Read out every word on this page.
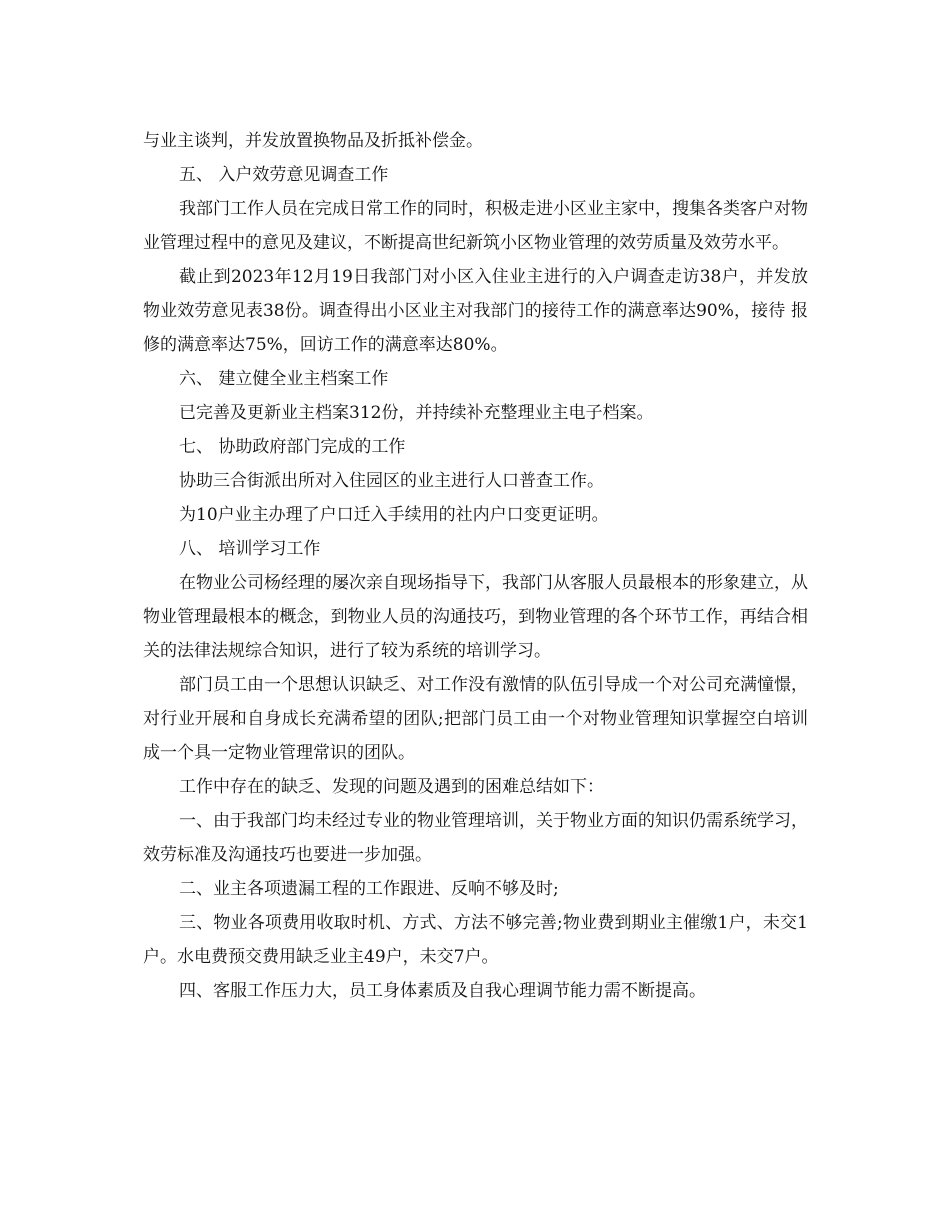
与业主谈判，并发放置换物品及折抵补偿金。

五、 入户效劳意见调查工作

我部门工作人员在完成日常工作的同时，积极走进小区业主家中，搜集各类客户对物业管理过程中的意见及建议，不断提高世纪新筑小区物业管理的效劳质量及效劳水平。

截止到2023年12月19日我部门对小区入住业主进行的入户调查走访38户，并发放物业效劳意见表38份。调查得出小区业主对我部门的接待工作的满意率达90%，接待 报修的满意率达75%，回访工作的满意率达80%。

六、 建立健全业主档案工作

已完善及更新业主档案312份，并持续补充整理业主电子档案。

七、 协助政府部门完成的工作

协助三合街派出所对入住园区的业主进行人口普查工作。

为10户业主办理了户口迁入手续用的社内户口变更证明。

八、 培训学习工作

在物业公司杨经理的屡次亲自现场指导下，我部门从客服人员最根本的形象建立，从物业管理最根本的概念，到物业人员的沟通技巧，到物业管理的各个环节工作，再结合相关的法律法规综合知识，进行了较为系统的培训学习。

部门员工由一个思想认识缺乏、对工作没有激情的队伍引导成一个对公司充满憧憬，对行业开展和自身成长充满希望的团队;把部门员工由一个对物业管理知识掌握空白培训成一个具一定物业管理常识的团队。

工作中存在的缺乏、发现的问题及遇到的困难总结如下：

一、由于我部门均未经过专业的物业管理培训，关于物业方面的知识仍需系统学习，效劳标准及沟通技巧也要进一步加强。

二、业主各项遗漏工程的工作跟进、反响不够及时;

三、物业各项费用收取时机、方式、方法不够完善;物业费到期业主催缴1户，未交1户。水电费预交费用缺乏业主49户，未交7户。

四、客服工作压力大，员工身体素质及自我心理调节能力需不断提高。
